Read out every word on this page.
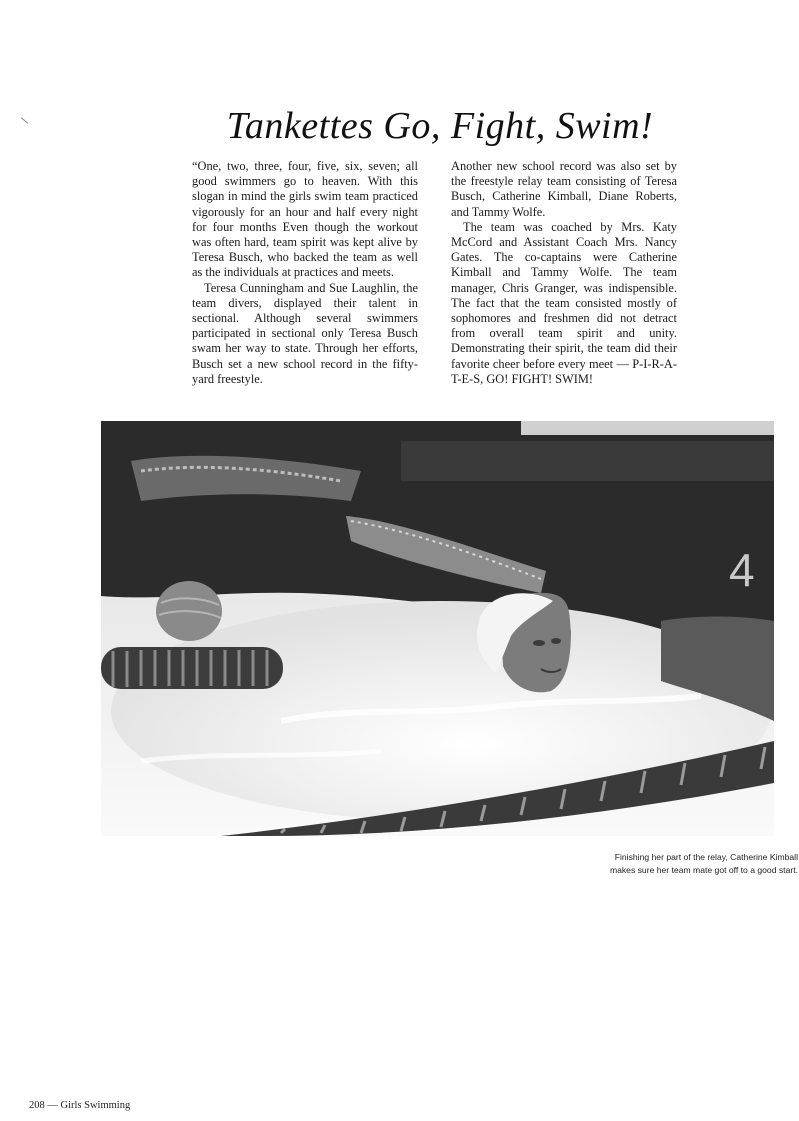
Tankettes Go, Fight, Swim!

“One, two, three, four, five, six, seven; all good swimmers go to heaven. With this slogan in mind the girls swim team practiced vigorously for an hour and half every night for four months Even though the workout was often hard, team spirit was kept alive by Teresa Busch, who backed the team as well as the individuals at practices and meets.

Teresa Cunningham and Sue Laughlin, the team divers, displayed their talent in sectional. Although several swimmers participated in sectional only Teresa Busch swam her way to state. Through her efforts, Busch set a new school record in the fifty-yard freestyle.

Another new school record was also set by the freestyle relay team consisting of Teresa Busch, Catherine Kimball, Diane Roberts, and Tammy Wolfe.

The team was coached by Mrs. Katy McCord and Assistant Coach Mrs. Nancy Gates. The co-captains were Catherine Kimball and Tammy Wolfe. The team manager, Chris Granger, was indispensible. The fact that the team consisted mostly of sophomores and freshmen did not detract from overall team spirit and unity. Demonstrating their spirit, the team did their favorite cheer before every meet — P-I-R-A-T-E-S, GO! FIGHT! SWIM!

4
Finishing her part of the relay, Catherine Kimball
makes sure her team mate got off to a good start.
208 — Girls Swimming
